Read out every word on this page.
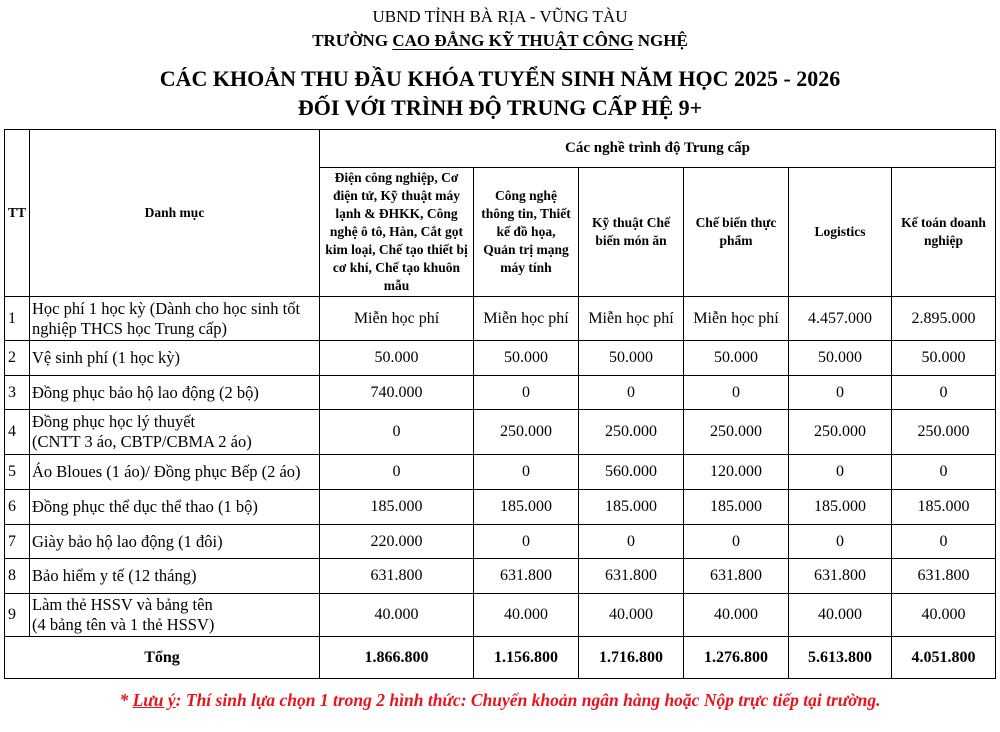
UBND TỈNH BÀ RỊA - VŨNG TÀU
TRƯỜNG CAO ĐẲNG KỸ THUẬT CÔNG NGHỆ
CÁC KHOẢN THU ĐẦU KHÓA TUYỂN SINH NĂM HỌC 2025 - 2026
ĐỐI VỚI TRÌNH ĐỘ TRUNG CẤP HỆ 9+
TT	Danh mục	Các nghề trình độ Trung cấp					
		Điện công nghiệp, Cơ điện tử, Kỹ thuật máy lạnh & ĐHKK, Công nghệ ô tô, Hàn, Cắt gọt kim loại, Chế tạo thiết bị cơ khí, Chế tạo khuôn mẫu	Công nghệ thông tin, Thiết kế đồ họa, Quản trị mạng máy tính	Kỹ thuật Chế biến món ăn	Chế biến thực phẩm	Logistics	Kế toán doanh nghiệp
1	Học phí 1 học kỳ (Dành cho học sinh tốt
nghiệp THCS học Trung cấp)	Miễn học phí	Miễn học phí	Miễn học phí	Miễn học phí	4.457.000	2.895.000
2	Vệ sinh phí (1 học kỳ)	50.000	50.000	50.000	50.000	50.000	50.000
3	Đồng phục bảo hộ lao động (2 bộ)	740.000	0	0	0	0	0
4	Đồng phục học lý thuyết
(CNTT 3 áo, CBTP/CBMA 2 áo)	0	250.000	250.000	250.000	250.000	250.000
5	Áo Bloues (1 áo)/ Đồng phục Bếp (2 áo)	0	0	560.000	120.000	0	0
6	Đồng phục thể dục thể thao (1 bộ)	185.000	185.000	185.000	185.000	185.000	185.000
7	Giày bảo hộ lao động (1 đôi)	220.000	0	0	0	0	0
8	Bảo hiểm y tế (12 tháng)	631.800	631.800	631.800	631.800	631.800	631.800
9	Làm thẻ HSSV và bảng tên
(4 bảng tên và 1 thẻ HSSV)	40.000	40.000	40.000	40.000	40.000	40.000
Tổng		1.866.800	1.156.800	1.716.800	1.276.800	5.613.800	4.051.800
* Lưu ý: Thí sinh lựa chọn 1 trong 2 hình thức: Chuyển khoản ngân hàng hoặc Nộp trực tiếp tại trường.
